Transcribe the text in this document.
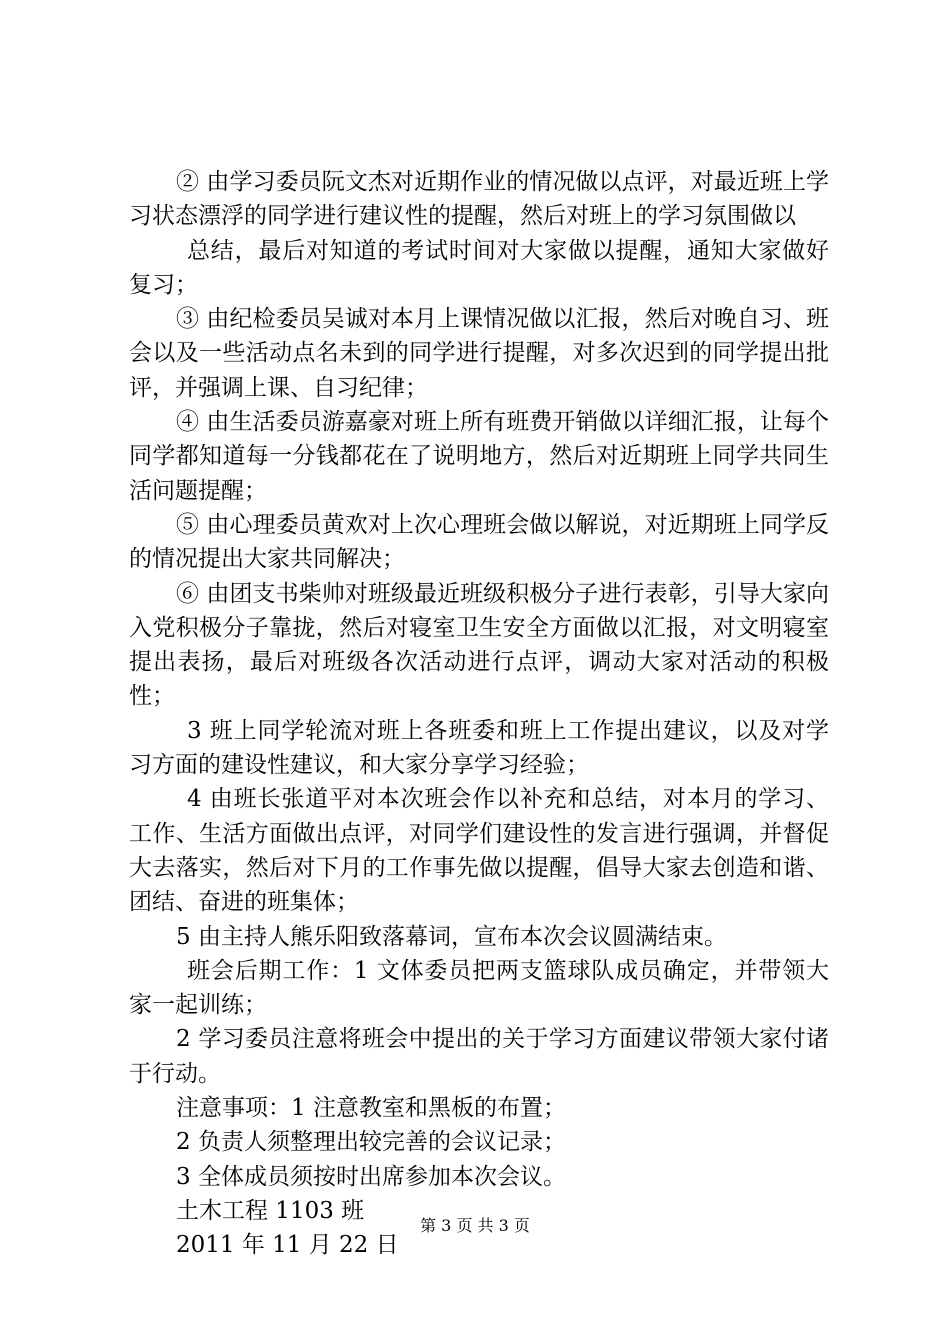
② 由学习委员阮文杰对近期作业的情况做以点评，对最近班上学习状态漂浮的同学进行建议性的提醒，然后对班上的学习氛围做以

总结，最后对知道的考试时间对大家做以提醒，通知大家做好复习；

③ 由纪检委员吴诚对本月上课情况做以汇报，然后对晚自习、班会以及一些活动点名未到的同学进行提醒，对多次迟到的同学提出批评，并强调上课、自习纪律；

④ 由生活委员游嘉豪对班上所有班费开销做以详细汇报，让每个同学都知道每一分钱都花在了说明地方，然后对近期班上同学共同生活问题提醒；

⑤ 由心理委员黄欢对上次心理班会做以解说，对近期班上同学反的情况提出大家共同解决；

⑥ 由团支书柴帅对班级最近班级积极分子进行表彰，引导大家向入党积极分子靠拢，然后对寝室卫生安全方面做以汇报，对文明寝室提出表扬，最后对班级各次活动进行点评，调动大家对活动的积极性；

3 班上同学轮流对班上各班委和班上工作提出建议，以及对学习方面的建设性建议，和大家分享学习经验；

4 由班长张道平对本次班会作以补充和总结，对本月的学习、工作、生活方面做出点评，对同学们建设性的发言进行强调，并督促大去落实，然后对下月的工作事先做以提醒，倡导大家去创造和谐、团结、奋进的班集体；

5 由主持人熊乐阳致落幕词，宣布本次会议圆满结束。

班会后期工作：1 文体委员把两支篮球队成员确定，并带领大家一起训练；

2 学习委员注意将班会中提出的关于学习方面建议带领大家付诸于行动。

注意事项：1 注意教室和黑板的布置；

2 负责人须整理出较完善的会议记录；

3 全体成员须按时出席参加本次会议。

土木工程 1103 班

2011 年 11 月 22 日

第 3 页 共 3 页
